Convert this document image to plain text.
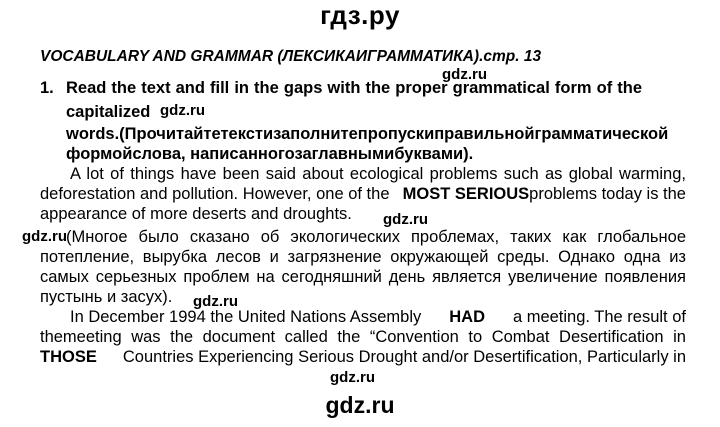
гдз.ру
VOCABULARY AND GRAMMAR (ЛЕКСИКАИГРАММАТИКА).стр. 13
1.
gdz.ru
Read the text and fill in the gaps with the proper grammatical form of the
capitalized gdz.ru
words.(Прочитайтетекстизаполнитепропускиправильнойграмматической
формойслова, написанногозаглавнымибуквами).
A lot of things have been said about ecological problems such as global warming,
deforestation and pollution. However, one of the MOST SERIOUSproblems today is the
appearance of more deserts and droughts. gdz.ru
gdz.ru (Многое было сказано об экологических проблемах, таких как глобальное
потепление, вырубка лесов и загрязнение окружающей среды. Однако одна из
самых серьезных проблем на сегодняшний день является увеличение появления
пустынь и засух). gdz.ru
In December 1994 the United Nations Assembly HAD a meeting. The result of
themeeting was the document called the “Convention to Combat Desertification in
THOSE Countries Experiencing Serious Drought and/or Desertification, Particularly in
gdz.ru
gdz.ru
